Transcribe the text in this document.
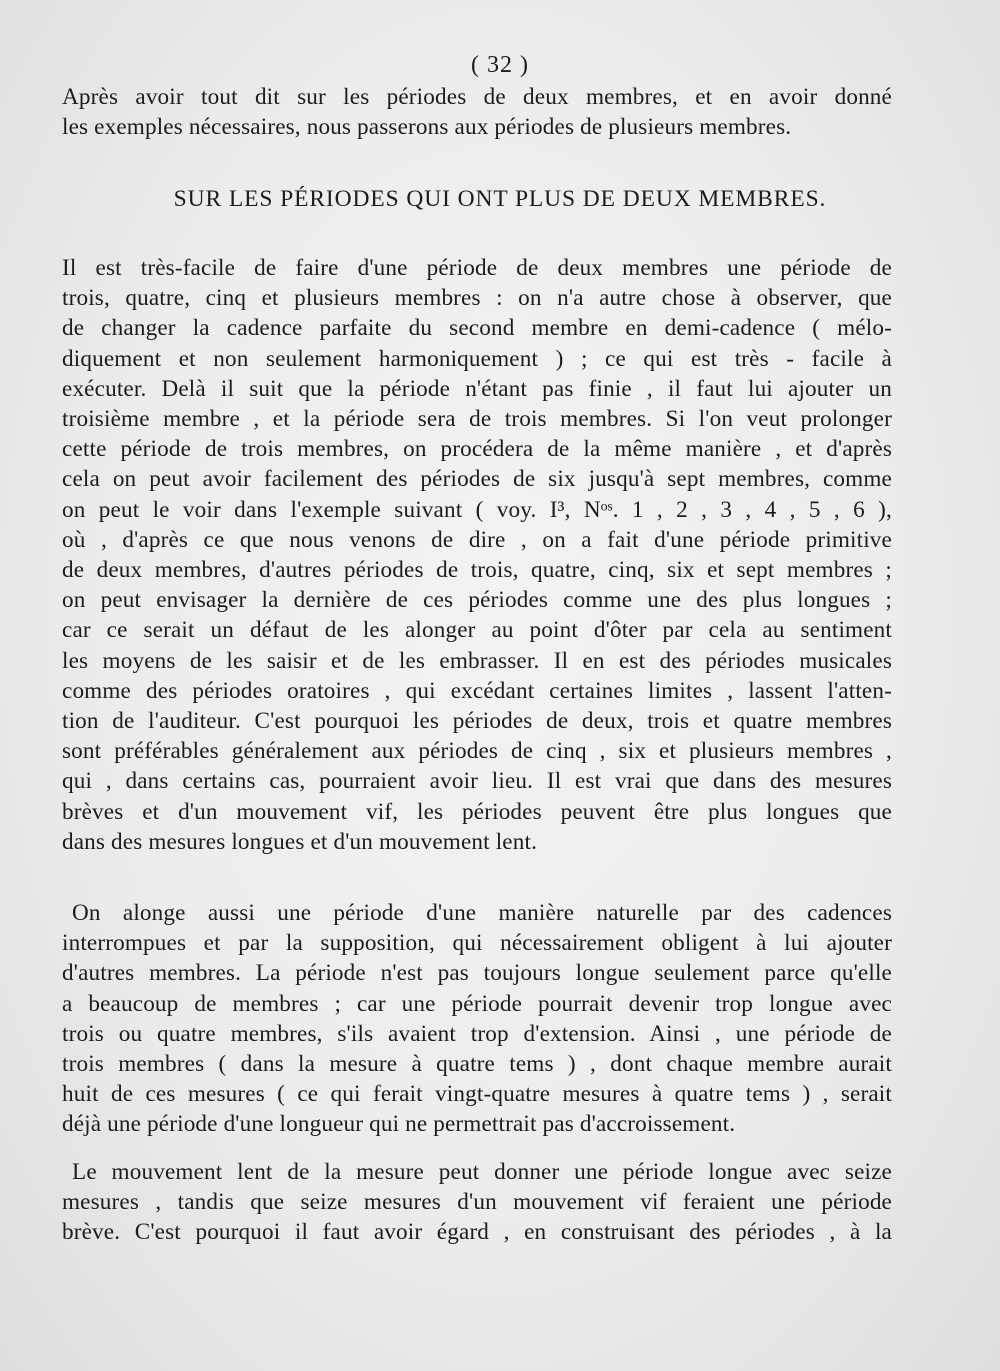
( 32 )
Après avoir tout dit sur les périodes de deux membres, et en avoir donné
les exemples nécessaires, nous passerons aux périodes de plusieurs membres.
SUR LES PÉRIODES QUI ONT PLUS DE DEUX MEMBRES.
Il est très-facile de faire d'une période de deux membres une période de
trois, quatre, cinq et plusieurs membres : on n'a autre chose à observer, que
de changer la cadence parfaite du second membre en demi-cadence ( mélo-
diquement et non seulement harmoniquement ) ; ce qui est très - facile à
exécuter. Delà il suit que la période n'étant pas finie , il faut lui ajouter un
troisième membre , et la période sera de trois membres. Si l'on veut prolonger
cette période de trois membres, on procédera de la même manière , et d'après
cela on peut avoir facilement des périodes de six jusqu'à sept membres, comme
on peut le voir dans l'exemple suivant ( voy. I³, Nᵒˢ. 1 , 2 , 3 , 4 , 5 , 6 ),
où , d'après ce que nous venons de dire , on a fait d'une période primitive
de deux membres, d'autres périodes de trois, quatre, cinq, six et sept membres ;
on peut envisager la dernière de ces périodes comme une des plus longues ;
car ce serait un défaut de les alonger au point d'ôter par cela au sentiment
les moyens de les saisir et de les embrasser. Il en est des périodes musicales
comme des périodes oratoires , qui excédant certaines limites , lassent l'atten-
tion de l'auditeur. C'est pourquoi les périodes de deux, trois et quatre membres
sont préférables généralement aux périodes de cinq , six et plusieurs membres ,
qui , dans certains cas, pourraient avoir lieu. Il est vrai que dans des mesures
brèves et d'un mouvement vif, les périodes peuvent être plus longues que
dans des mesures longues et d'un mouvement lent.
On alonge aussi une période d'une manière naturelle par des cadences
interrompues et par la supposition, qui nécessairement obligent à lui ajouter
d'autres membres. La période n'est pas toujours longue seulement parce qu'elle
a beaucoup de membres ; car une période pourrait devenir trop longue avec
trois ou quatre membres, s'ils avaient trop d'extension. Ainsi , une période de
trois membres ( dans la mesure à quatre tems ) , dont chaque membre aurait
huit de ces mesures ( ce qui ferait vingt-quatre mesures à quatre tems ) , serait
déjà une période d'une longueur qui ne permettrait pas d'accroissement.
Le mouvement lent de la mesure peut donner une période longue avec seize
mesures , tandis que seize mesures d'un mouvement vif feraient une période
brève. C'est pourquoi il faut avoir égard , en construisant des périodes , à la
